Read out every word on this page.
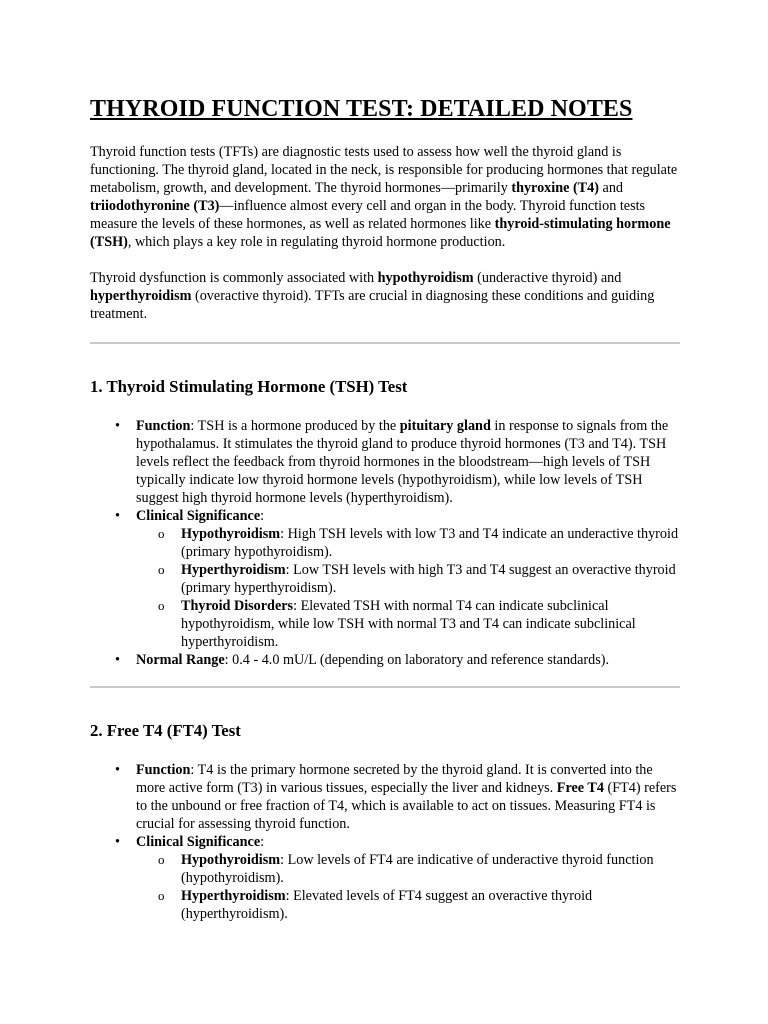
THYROID FUNCTION TEST: DETAILED NOTES

Thyroid function tests (TFTs) are diagnostic tests used to assess how well the thyroid gland is functioning. The thyroid gland, located in the neck, is responsible for producing hormones that regulate metabolism, growth, and development. The thyroid hormones—primarily thyroxine (T4) and triiodothyronine (T3)—influence almost every cell and organ in the body. Thyroid function tests measure the levels of these hormones, as well as related hormones like thyroid-stimulating hormone (TSH), which plays a key role in regulating thyroid hormone production.

Thyroid dysfunction is commonly associated with hypothyroidism (underactive thyroid) and hyperthyroidism (overactive thyroid). TFTs are crucial in diagnosing these conditions and guiding treatment.

1. Thyroid Stimulating Hormone (TSH) Test
• Function: TSH is a hormone produced by the pituitary gland in response to signals from the hypothalamus. It stimulates the thyroid gland to produce thyroid hormones (T3 and T4). TSH levels reflect the feedback from thyroid hormones in the bloodstream—high levels of TSH typically indicate low thyroid hormone levels (hypothyroidism), while low levels of TSH suggest high thyroid hormone levels (hyperthyroidism).
• Clinical Significance:
o Hypothyroidism: High TSH levels with low T3 and T4 indicate an underactive thyroid (primary hypothyroidism).
o Hyperthyroidism: Low TSH levels with high T3 and T4 suggest an overactive thyroid (primary hyperthyroidism).
o Thyroid Disorders: Elevated TSH with normal T4 can indicate subclinical hypothyroidism, while low TSH with normal T3 and T4 can indicate subclinical hyperthyroidism.
• Normal Range: 0.4 - 4.0 mU/L (depending on laboratory and reference standards).
2. Free T4 (FT4) Test
• Function: T4 is the primary hormone secreted by the thyroid gland. It is converted into the more active form (T3) in various tissues, especially the liver and kidneys. Free T4 (FT4) refers to the unbound or free fraction of T4, which is available to act on tissues. Measuring FT4 is crucial for assessing thyroid function.
• Clinical Significance:
o Hypothyroidism: Low levels of FT4 are indicative of underactive thyroid function (hypothyroidism).
o Hyperthyroidism: Elevated levels of FT4 suggest an overactive thyroid (hyperthyroidism).
